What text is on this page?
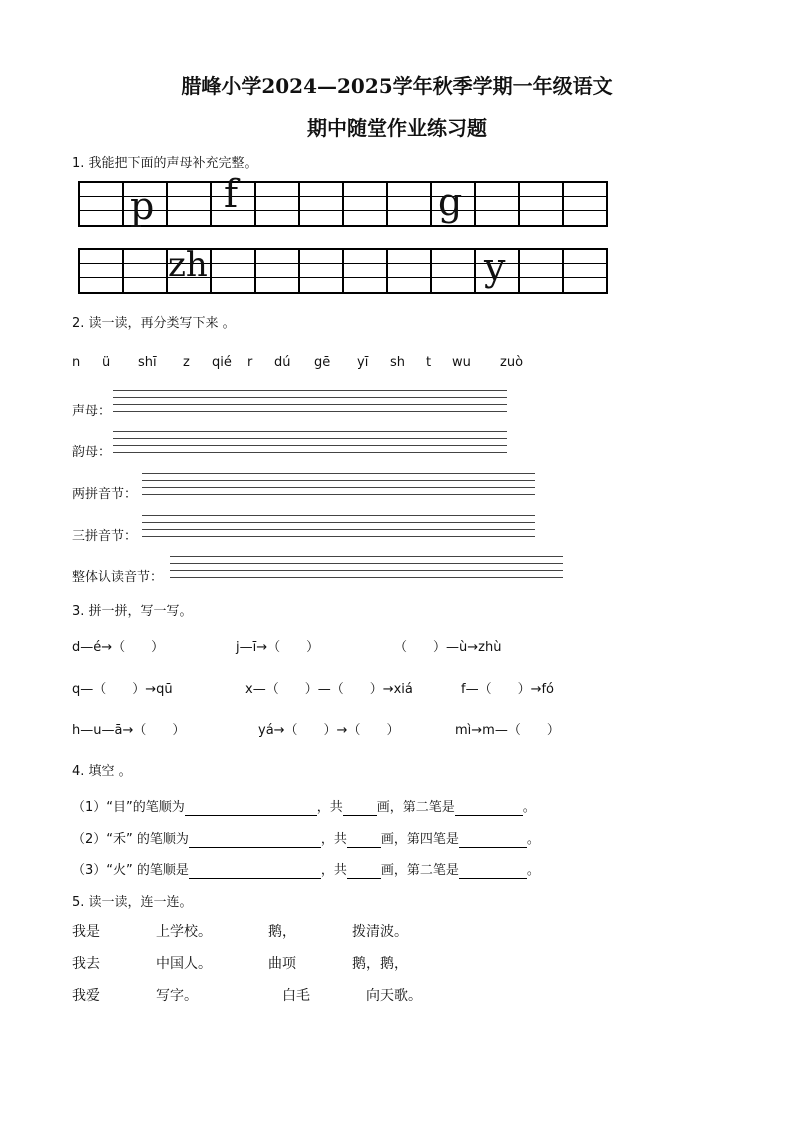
腊峰小学2024—2025学年秋季学期一年级语文
期中随堂作业练习题
1. 我能把下面的声母补充完整。
p f	g
zh	y
2. 读一读，再分类写下来 。
n ü shī z qié r dú gē yī sh t wu zuò
声母：
韵母：
两拼音节：
三拼音节：
整体认读音节：
3. 拼一拼，写一写。
d—é→（　　）	j—ī→（　　）	（　　）—ù→zhù
q—（　　）→qū	x—（　　）—（　　）→xiá	f—（　　）→fó
h—u—ā→（　　）	yá→（　　）→（　　）	mì→m—（　　）
4. 填空 。
（1）“目”的笔顺为	，共	画，第二笔是	。
（2）“禾” 的笔顺为	，共	画，第四笔是	。
（3）“火” 的笔顺是	，共	画，第二笔是	。
5. 读一读，连一连。
我是	上学校。	鹅，	拨清波。
我去	中国人。	曲项	鹅，鹅，
我爱	写字。	白毛	向天歌。
